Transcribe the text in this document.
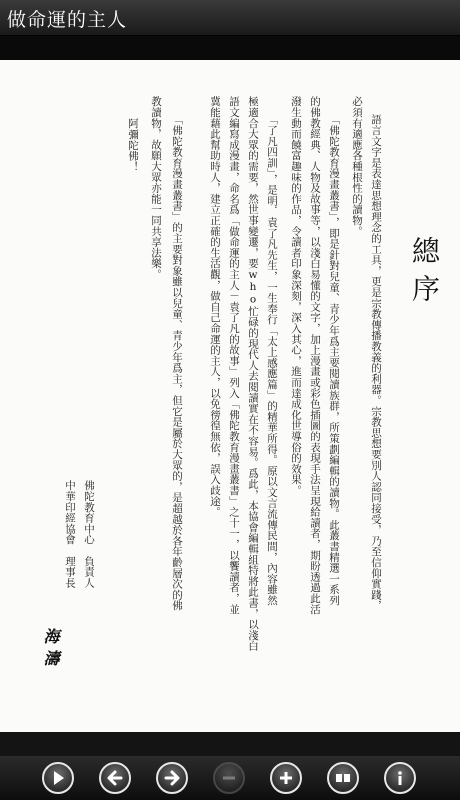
做命運的主人
總序
語言文字是表達思想理念的工具，更是宗教傳播教義的利器。宗教思想要別人認同接受，乃至信仰實踐，
必須有適應各種根性的讀物。
「佛陀教育漫畫叢書」，即是針對兒童、青少年爲主要閱讀族群，所策劃編輯的讀物。此叢書精選一系列
的佛教經典、人物及故事等，以淺白易懂的文字，加上漫畫或彩色插圖的表現手法呈現給讀者，期盼透過此活
潑生動而饒富趣味的作品，令讀者印象深刻，深入其心，進而達成化世導俗的效果。
「了凡四訓」，是明．袁了凡先生，一生奉行「太上感應篇」的精華所得。原以文言流傳民間，內容雖然
極適合大眾的需要，然世事變遷，要who忙碌的現代人去閱讀實在不容易。爲此，本協會編輯組特將此書，以淺白
語文編寫成漫畫，命名爲「做命運的主人－袁了凡的故事」列入「佛陀教育漫畫叢書」之十一，以饗讀者，並
冀能藉此幫助時人，建立正確的生活觀，做自己命運的主人，以免徬徨無依，誤入歧途。
「佛陀教育漫畫叢書」的主要對象雖以兒童、青少年爲主，但它是屬於大眾的，是超越於各年齡層次的佛
教讀物，故願大眾亦能一同共享法樂。
阿彌陀佛！
佛陀教育中心　負責人
中華印經協會　理事長
海濤
